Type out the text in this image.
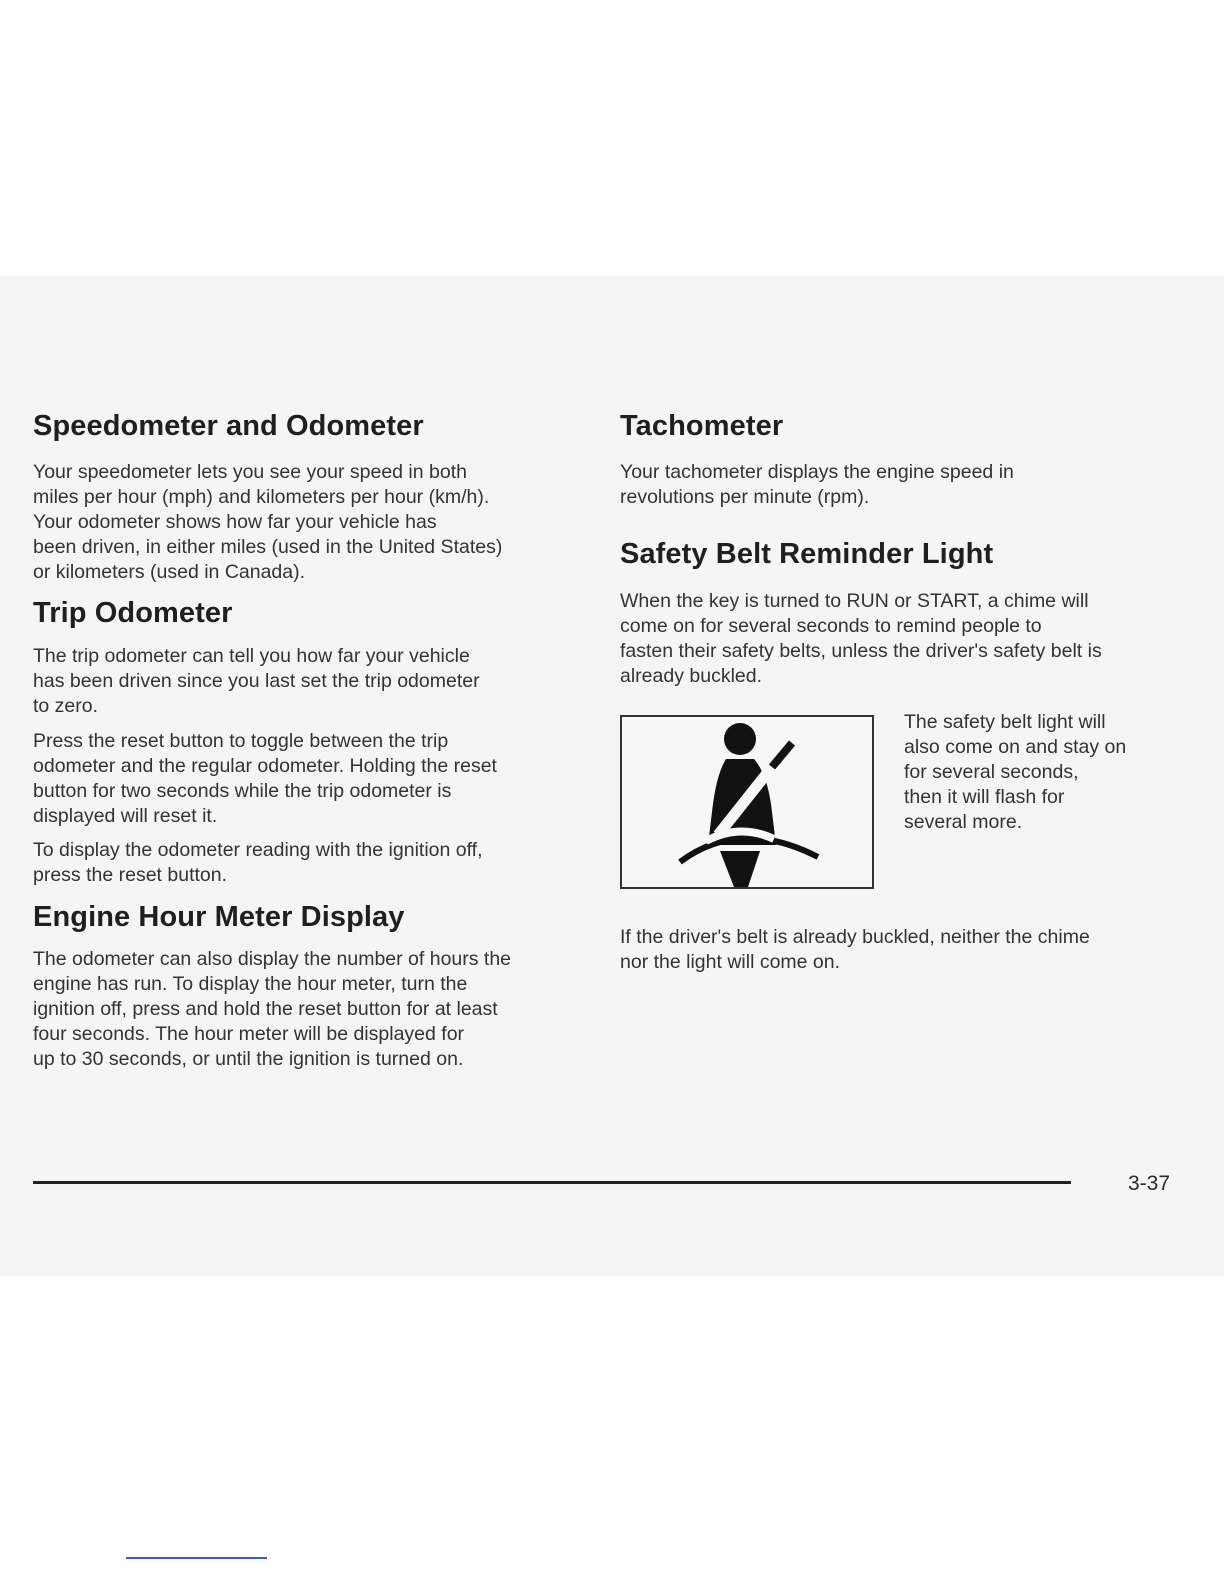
Speedometer and Odometer

Your speedometer lets you see your speed in both

miles per hour (mph) and kilometers per hour (km/h).

Your odometer shows how far your vehicle has

been driven, in either miles (used in the United States)

or kilometers (used in Canada).

Trip Odometer

The trip odometer can tell you how far your vehicle

has been driven since you last set the trip odometer

to zero.

Press the reset button to toggle between the trip

odometer and the regular odometer. Holding the reset

button for two seconds while the trip odometer is

displayed will reset it.

To display the odometer reading with the ignition off,

press the reset button.

Engine Hour Meter Display

The odometer can also display the number of hours the

engine has run. To display the hour meter, turn the

ignition off, press and hold the reset button for at least

four seconds. The hour meter will be displayed for

up to 30 seconds, or until the ignition is turned on.

Tachometer

Your tachometer displays the engine speed in

revolutions per minute (rpm).

Safety Belt Reminder Light

When the key is turned to RUN or START, a chime will

come on for several seconds to remind people to

fasten their safety belts, unless the driver's safety belt is

already buckled.

The safety belt light will

also come on and stay on

for several seconds,

then it will flash for

several more.

If the driver's belt is already buckled, neither the chime

nor the light will come on.

3-37
